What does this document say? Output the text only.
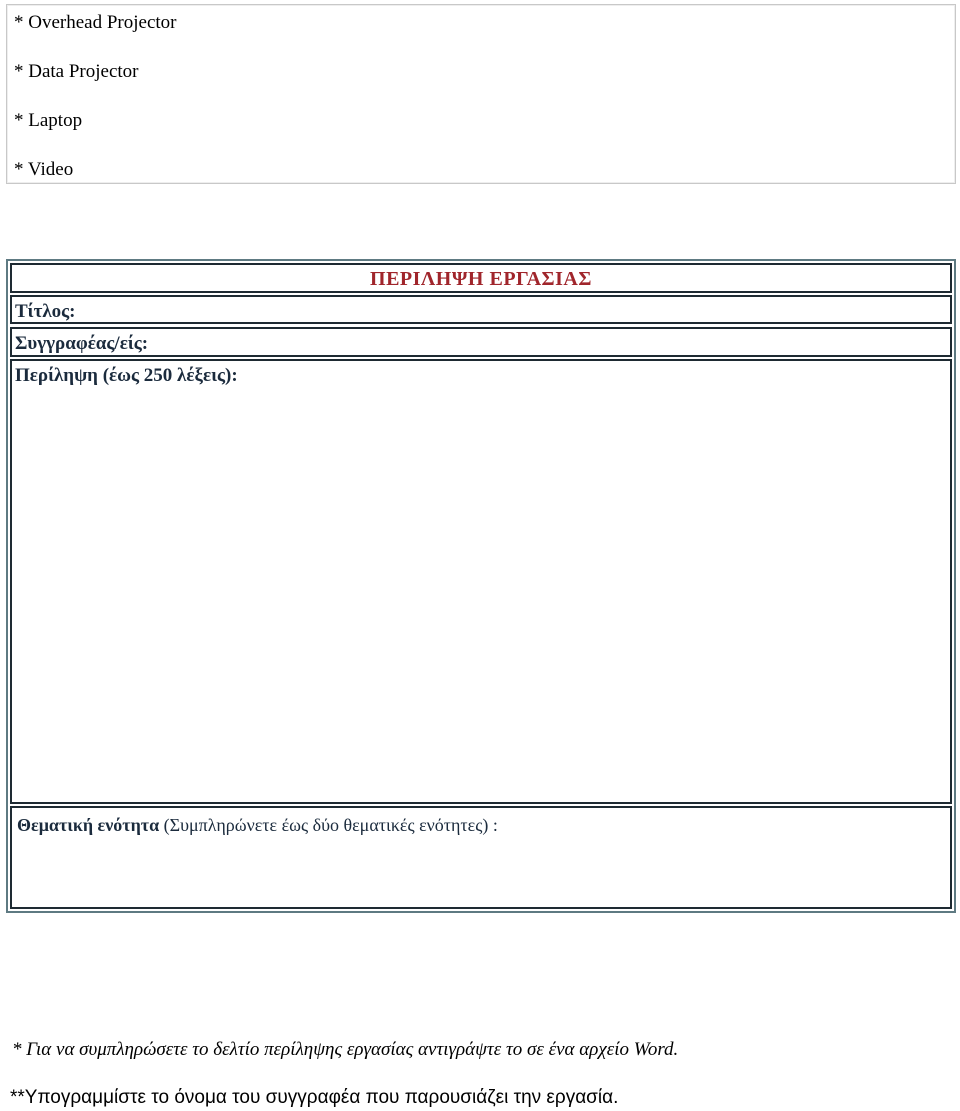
* Overhead Projector
* Data Projector
* Laptop
* Video
ΠΕΡΙΛΗΨΗ ΕΡΓΑΣΙΑΣ
Τίτλος:
Συγγραφέας/είς:
Περίληψη (έως 250 λέξεις):
Θεματική ενότητα (Συμπληρώνετε έως δύο θεματικές ενότητες) :
* Για να συμπληρώσετε το δελτίο περίληψης εργασίας αντιγράψτε το σε ένα αρχείο Word.
**Υπογραμμίστε το όνομα του συγγραφέα που παρουσιάζει την εργασία.
